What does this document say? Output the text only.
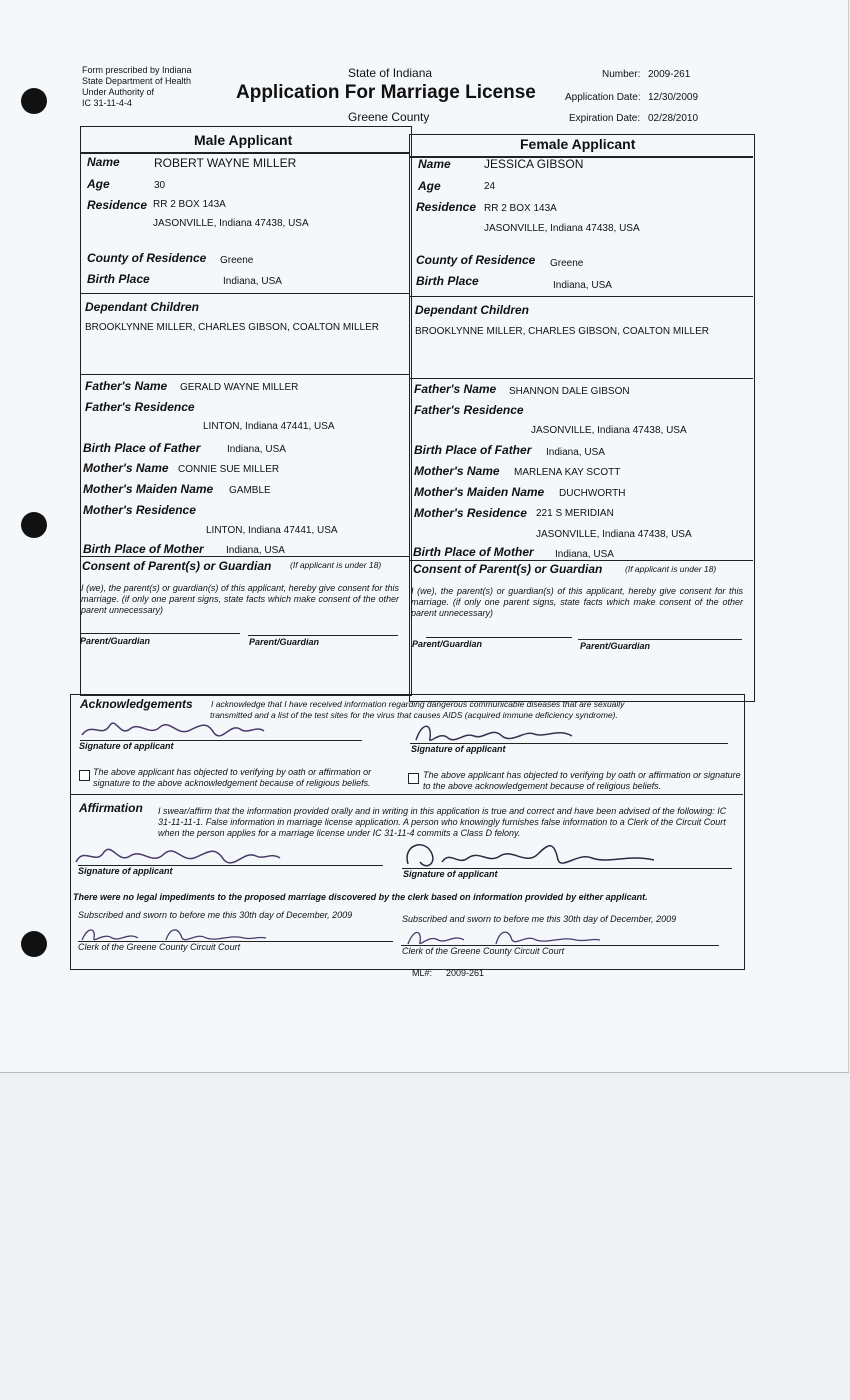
Form prescribed by Indiana
State Department of Health
Under Authority of
IC 31-11-4-4
State of Indiana
Application For Marriage License
Greene County
Number: 2009-261
Application Date: 12/30/2009
Expiration Date: 02/28/2010
Male Applicant	Female Applicant
Name	ROBERT WAYNE MILLER
Age	30
Residence RR 2 BOX 143A
JASONVILLE, Indiana 47438, USA
County of Residence Greene
Birth Place	Indiana, USA
Dependant Children
BROOKLYNNE MILLER, CHARLES GIBSON, COALTON MILLER
Father's Name GERALD WAYNE MILLER
Father's Residence
LINTON, Indiana 47441, USA
Birth Place of Father	Indiana, USA
Mother's Name CONNIE SUE MILLER
Mother's Maiden Name GAMBLE
Mother's Residence
LINTON, Indiana 47441, USA
Birth Place of Mother Indiana, USA
Consent of Parent(s) or Guardian (If applicant is under 18)
I (we), the parent(s) or guardian(s) of this applicant, hereby give consent for this marriage. (if only one parent signs, state facts which make consent of the other parent unnecessary)
Parent/Guardian	Parent/Guardian
Name	JESSICA GIBSON
Age	24
Residence RR 2 BOX 143A
JASONVILLE, Indiana 47438, USA
County of Residence Greene
Birth Place	Indiana, USA
Dependant Children
BROOKLYNNE MILLER, CHARLES GIBSON, COALTON MILLER
Father's Name SHANNON DALE GIBSON
Father's Residence
JASONVILLE, Indiana 47438, USA
Birth Place of Father Indiana, USA
Mother's Name MARLENA KAY SCOTT
Mother's Maiden Name DUCHWORTH
Mother's Residence 221 S MERIDIAN
JASONVILLE, Indiana 47438, USA
Birth Place of Mother Indiana, USA
Consent of Parent(s) or Guardian	(If applicant is under 18)
I (we), the parent(s) or guardian(s) of this applicant, hereby give consent for this marriage. (if only one parent signs, state facts which make consent of the other parent unnecessary)
Parent/Guardian	Parent/Guardian
Acknowledgements I acknowledge that I have received information regarding dangerous communicable diseases that are sexually
transmitted and a list of the test sites for the virus that causes AIDS (acquired immune deficiency syndrome).
Signature of applicant	Signature of applicant
The above applicant has objected to verifying by oath or affirmation or signature to the above acknowledgement because of religious beliefs.
The above applicant has objected to verifying by oath or affirmation or signature to the above acknowledgement because of religious beliefs.
Affirmation I swear/affirm that the information provided orally and in writing in this application is true and correct and have been advised of the following: IC 31-11-11-1. False information in marriage license application. A person who knowingly furnishes false information to a Clerk of the Circuit Court when the person applies for a marriage license under IC 31-11-4 commits a Class D felony.
Signature of applicant	Signature of applicant
There were no legal impediments to the proposed marriage discovered by the clerk based on information provided by either applicant.
Subscribed and sworn to before me this 30th day of December, 2009	Subscribed and sworn to before me this 30th day of December, 2009
Clerk of the Greene County Circuit Court	Clerk of the Greene County Circuit Court
ML#: 2009-261
